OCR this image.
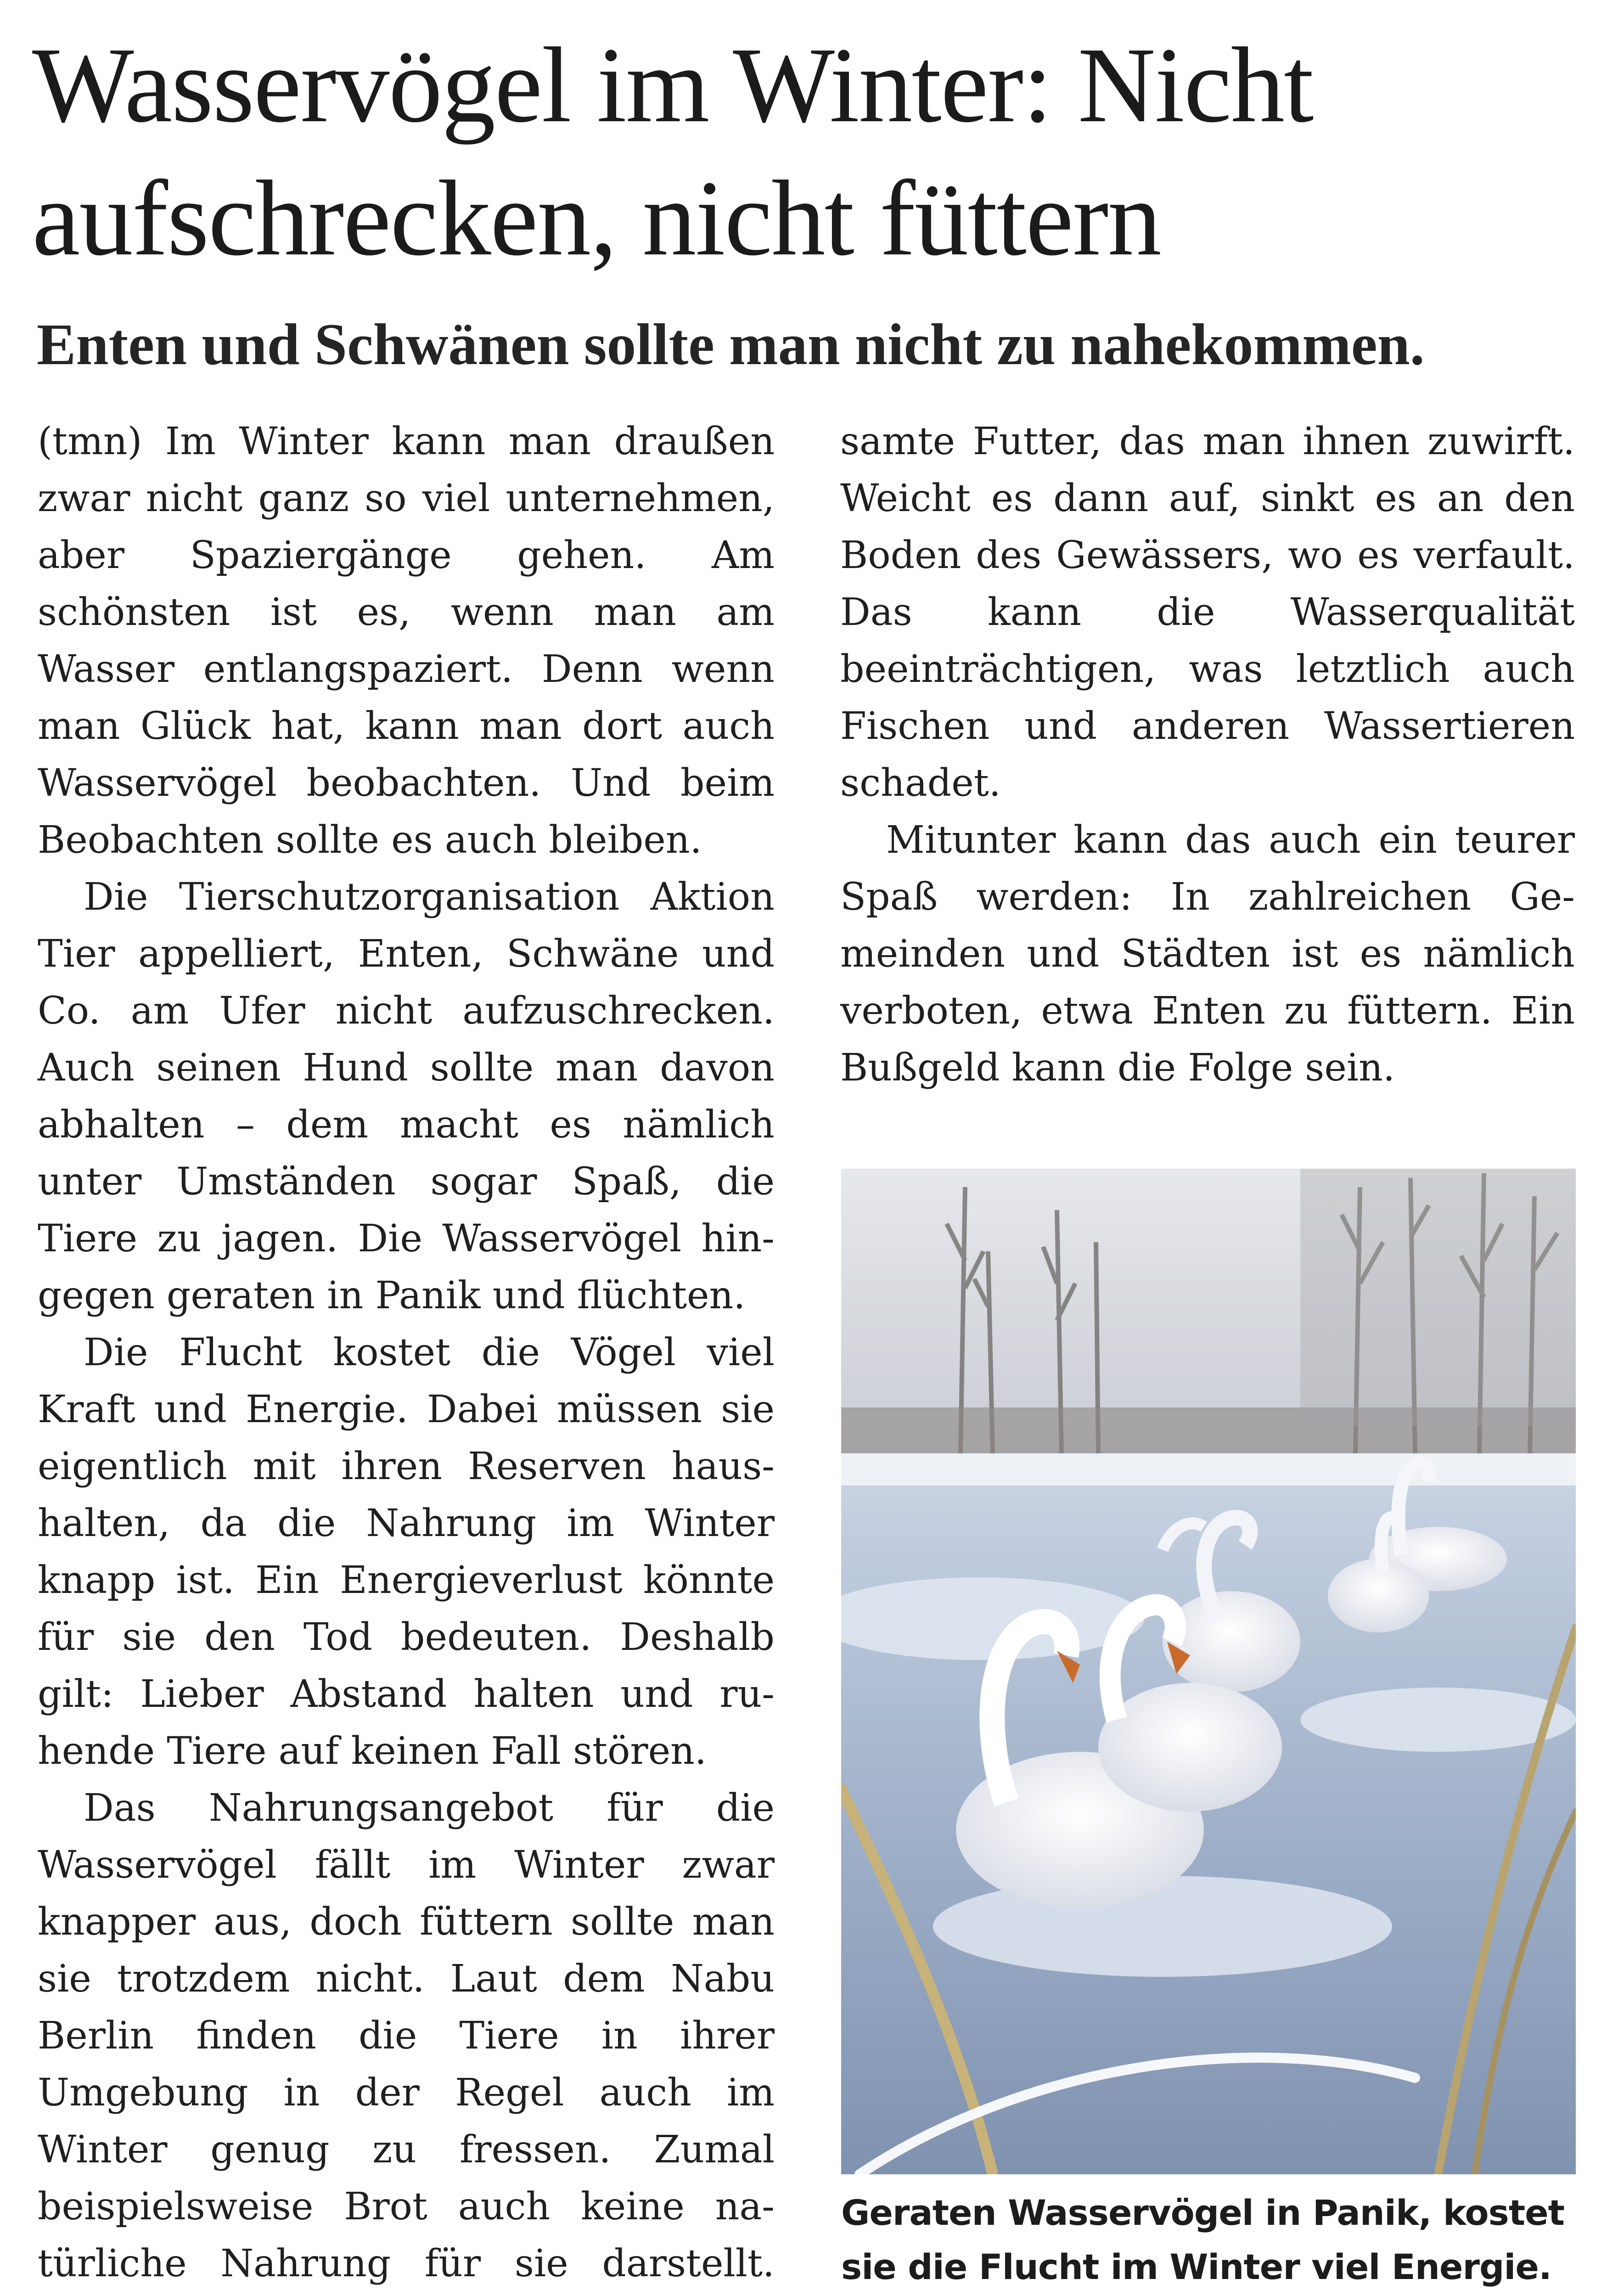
Wasservögel im Winter: Nicht aufschrecken, nicht füttern
Enten und Schwänen sollte man nicht zu nahekommen.

(tmn) Im Winter kann man draußen zwar nicht ganz so viel unternehmen, aber Spaziergänge gehen. Am schönsten ist es, wenn man am Wasser entlangspaziert. Denn wenn man Glück hat, kann man dort auch Wasservögel beobachten. Und beim Beobachten sollte es auch bleiben.

Die Tierschutzorganisation Aktion Tier appelliert, Enten, Schwäne und Co. am Ufer nicht aufzuschrecken. Auch seinen Hund sollte man davon abhalten – dem macht es nämlich unter Umständen sogar Spaß, die Tiere zu jagen. Die Wasservögel hingegen geraten in Panik und flüchten.

Die Flucht kostet die Vögel viel Kraft und Energie. Dabei müssen sie eigentlich mit ihren Reserven haushalten, da die Nahrung im Winter knapp ist. Ein Energieverlust könnte für sie den Tod bedeuten. Deshalb gilt: Lieber Abstand halten und ruhende Tiere auf keinen Fall stören.

Das Nahrungsangebot für die Wasservögel fällt im Winter zwar knapper aus, doch füttern sollte man sie trotzdem nicht. Laut dem Nabu Berlin finden die Tiere in ihrer Umgebung in der Regel auch im Winter genug zu fressen. Zumal beispielsweise Brot auch keine natürliche Nahrung für sie darstellt.

samte Futter, das man ihnen zuwirft. Weicht es dann auf, sinkt es an den Boden des Gewässers, wo es verfault. Das kann die Wasserqualität beeinträchtigen, was letztlich auch Fischen und anderen Wassertieren schadet.

Mitunter kann das auch ein teurer Spaß werden: In zahlreichen Gemeinden und Städten ist es nämlich verboten, etwa Enten zu füttern. Ein Bußgeld kann die Folge sein.

Geraten Wasservögel in Panik, kostet sie die Flucht im Winter viel Energie.
